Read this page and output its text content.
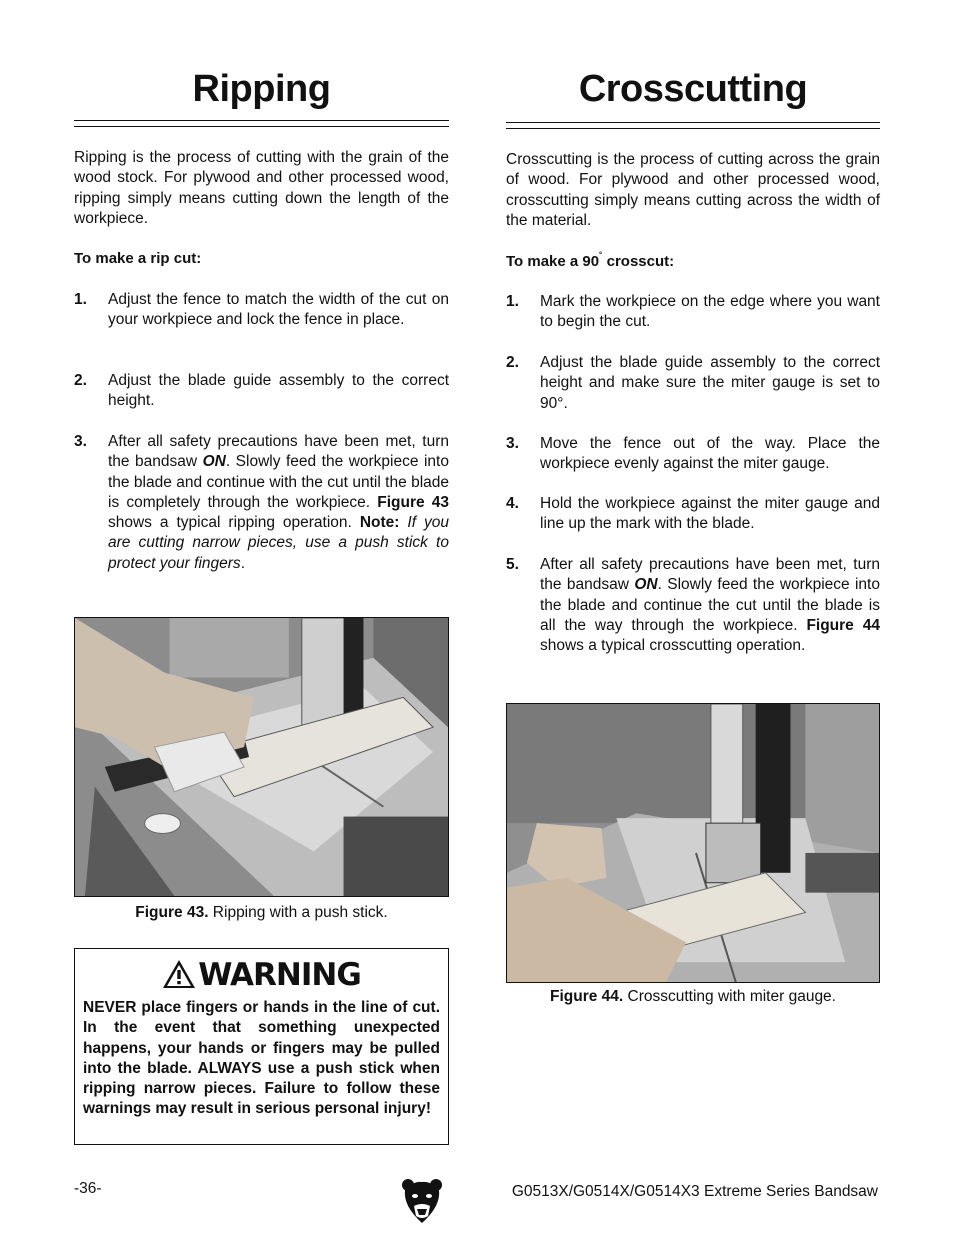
Ripping
Ripping is the process of cutting with the grain of the wood stock. For plywood and other processed wood, ripping simply means cutting down the length of the workpiece.
To make a rip cut:
1. Adjust the fence to match the width of the cut on your workpiece and lock the fence in place.
2. Adjust the blade guide assembly to the correct height.
3. After all safety precautions have been met, turn the bandsaw ON. Slowly feed the workpiece into the blade and continue with the cut until the blade is completely through the workpiece. Figure 43 shows a typical ripping operation. Note: If you are cutting narrow pieces, use a push stick to protect your fingers.
Figure 43. Ripping with a push stick.
WARNING
NEVER place fingers or hands in the line of cut. In the event that something unexpected happens, your hands or fingers may be pulled into the blade. ALWAYS use a push stick when ripping narrow pieces. Failure to follow these warnings may result in serious personal injury!
Crosscutting
Crosscutting is the process of cutting across the grain of wood. For plywood and other processed wood, crosscutting simply means cutting across the width of the material.
To make a 90˚ crosscut:
1. Mark the workpiece on the edge where you want to begin the cut.
2. Adjust the blade guide assembly to the correct height and make sure the miter gauge is set to 90°.
3. Move the fence out of the way. Place the workpiece evenly against the miter gauge.
4. Hold the workpiece against the miter gauge and line up the mark with the blade.
5. After all safety precautions have been met, turn the bandsaw ON. Slowly feed the workpiece into the blade and continue the cut until the blade is all the way through the workpiece. Figure 44 shows a typical crosscutting operation.
Figure 44. Crosscutting with miter gauge.
-36-	G0513X/G0514X/G0514X3 Extreme Series Bandsaw
